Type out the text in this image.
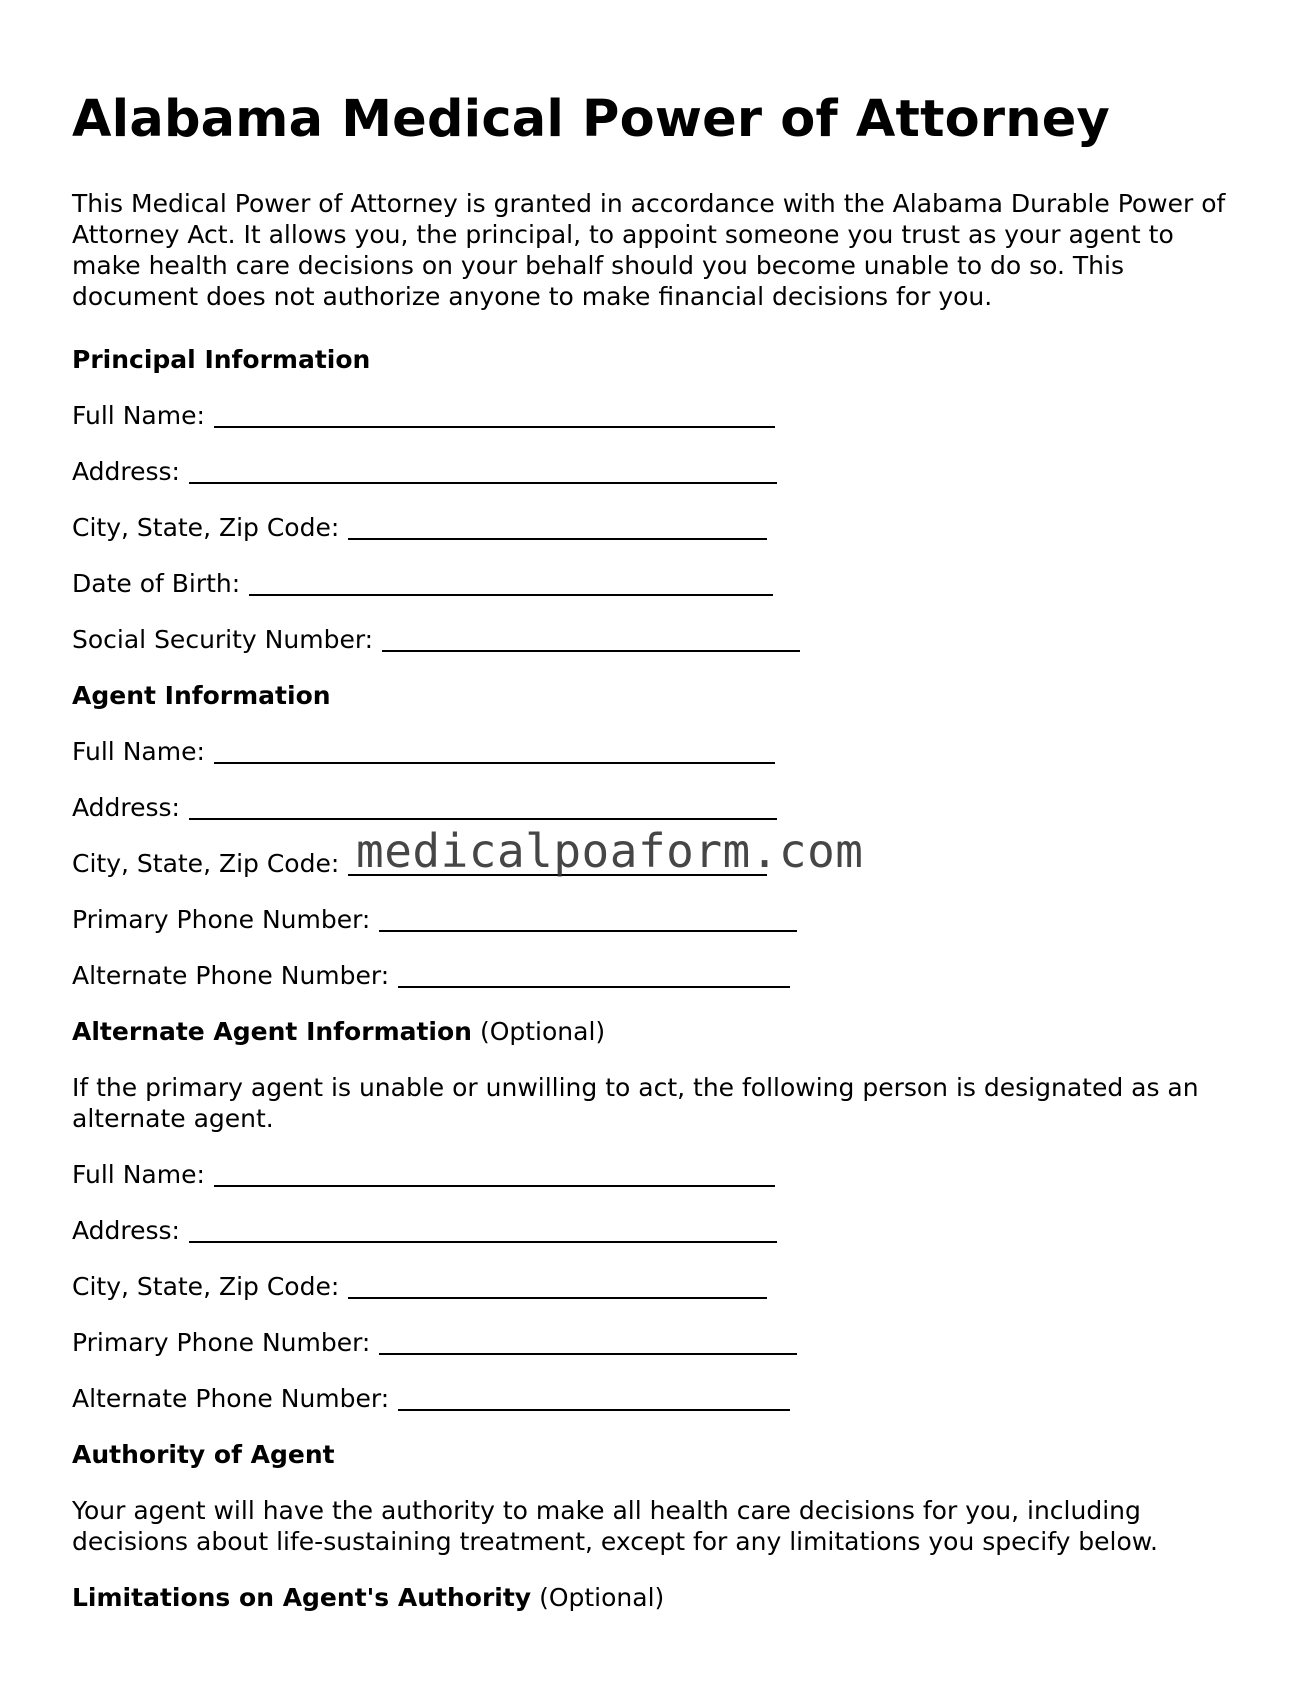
Alabama Medical Power of Attorney

This Medical Power of Attorney is granted in accordance with the Alabama Durable Power of Attorney Act. It allows you, the principal, to appoint someone you trust as your agent to make health care decisions on your behalf should you become unable to do so. This document does not authorize anyone to make financial decisions for you.

Principal Information
Full Name:
Address:
City, State, Zip Code:
Date of Birth:
Social Security Number:
Agent Information
Full Name:
Address:
City, State, Zip Code:
Primary Phone Number:
Alternate Phone Number:
Alternate Agent Information (Optional)

If the primary agent is unable or unwilling to act, the following person is designated as an alternate agent.

Full Name:
Address:
City, State, Zip Code:
Primary Phone Number:
Alternate Phone Number:
Authority of Agent

Your agent will have the authority to make all health care decisions for you, including decisions about life-sustaining treatment, except for any limitations you specify below.

Limitations on Agent's Authority (Optional)
medicalpoaform.com
